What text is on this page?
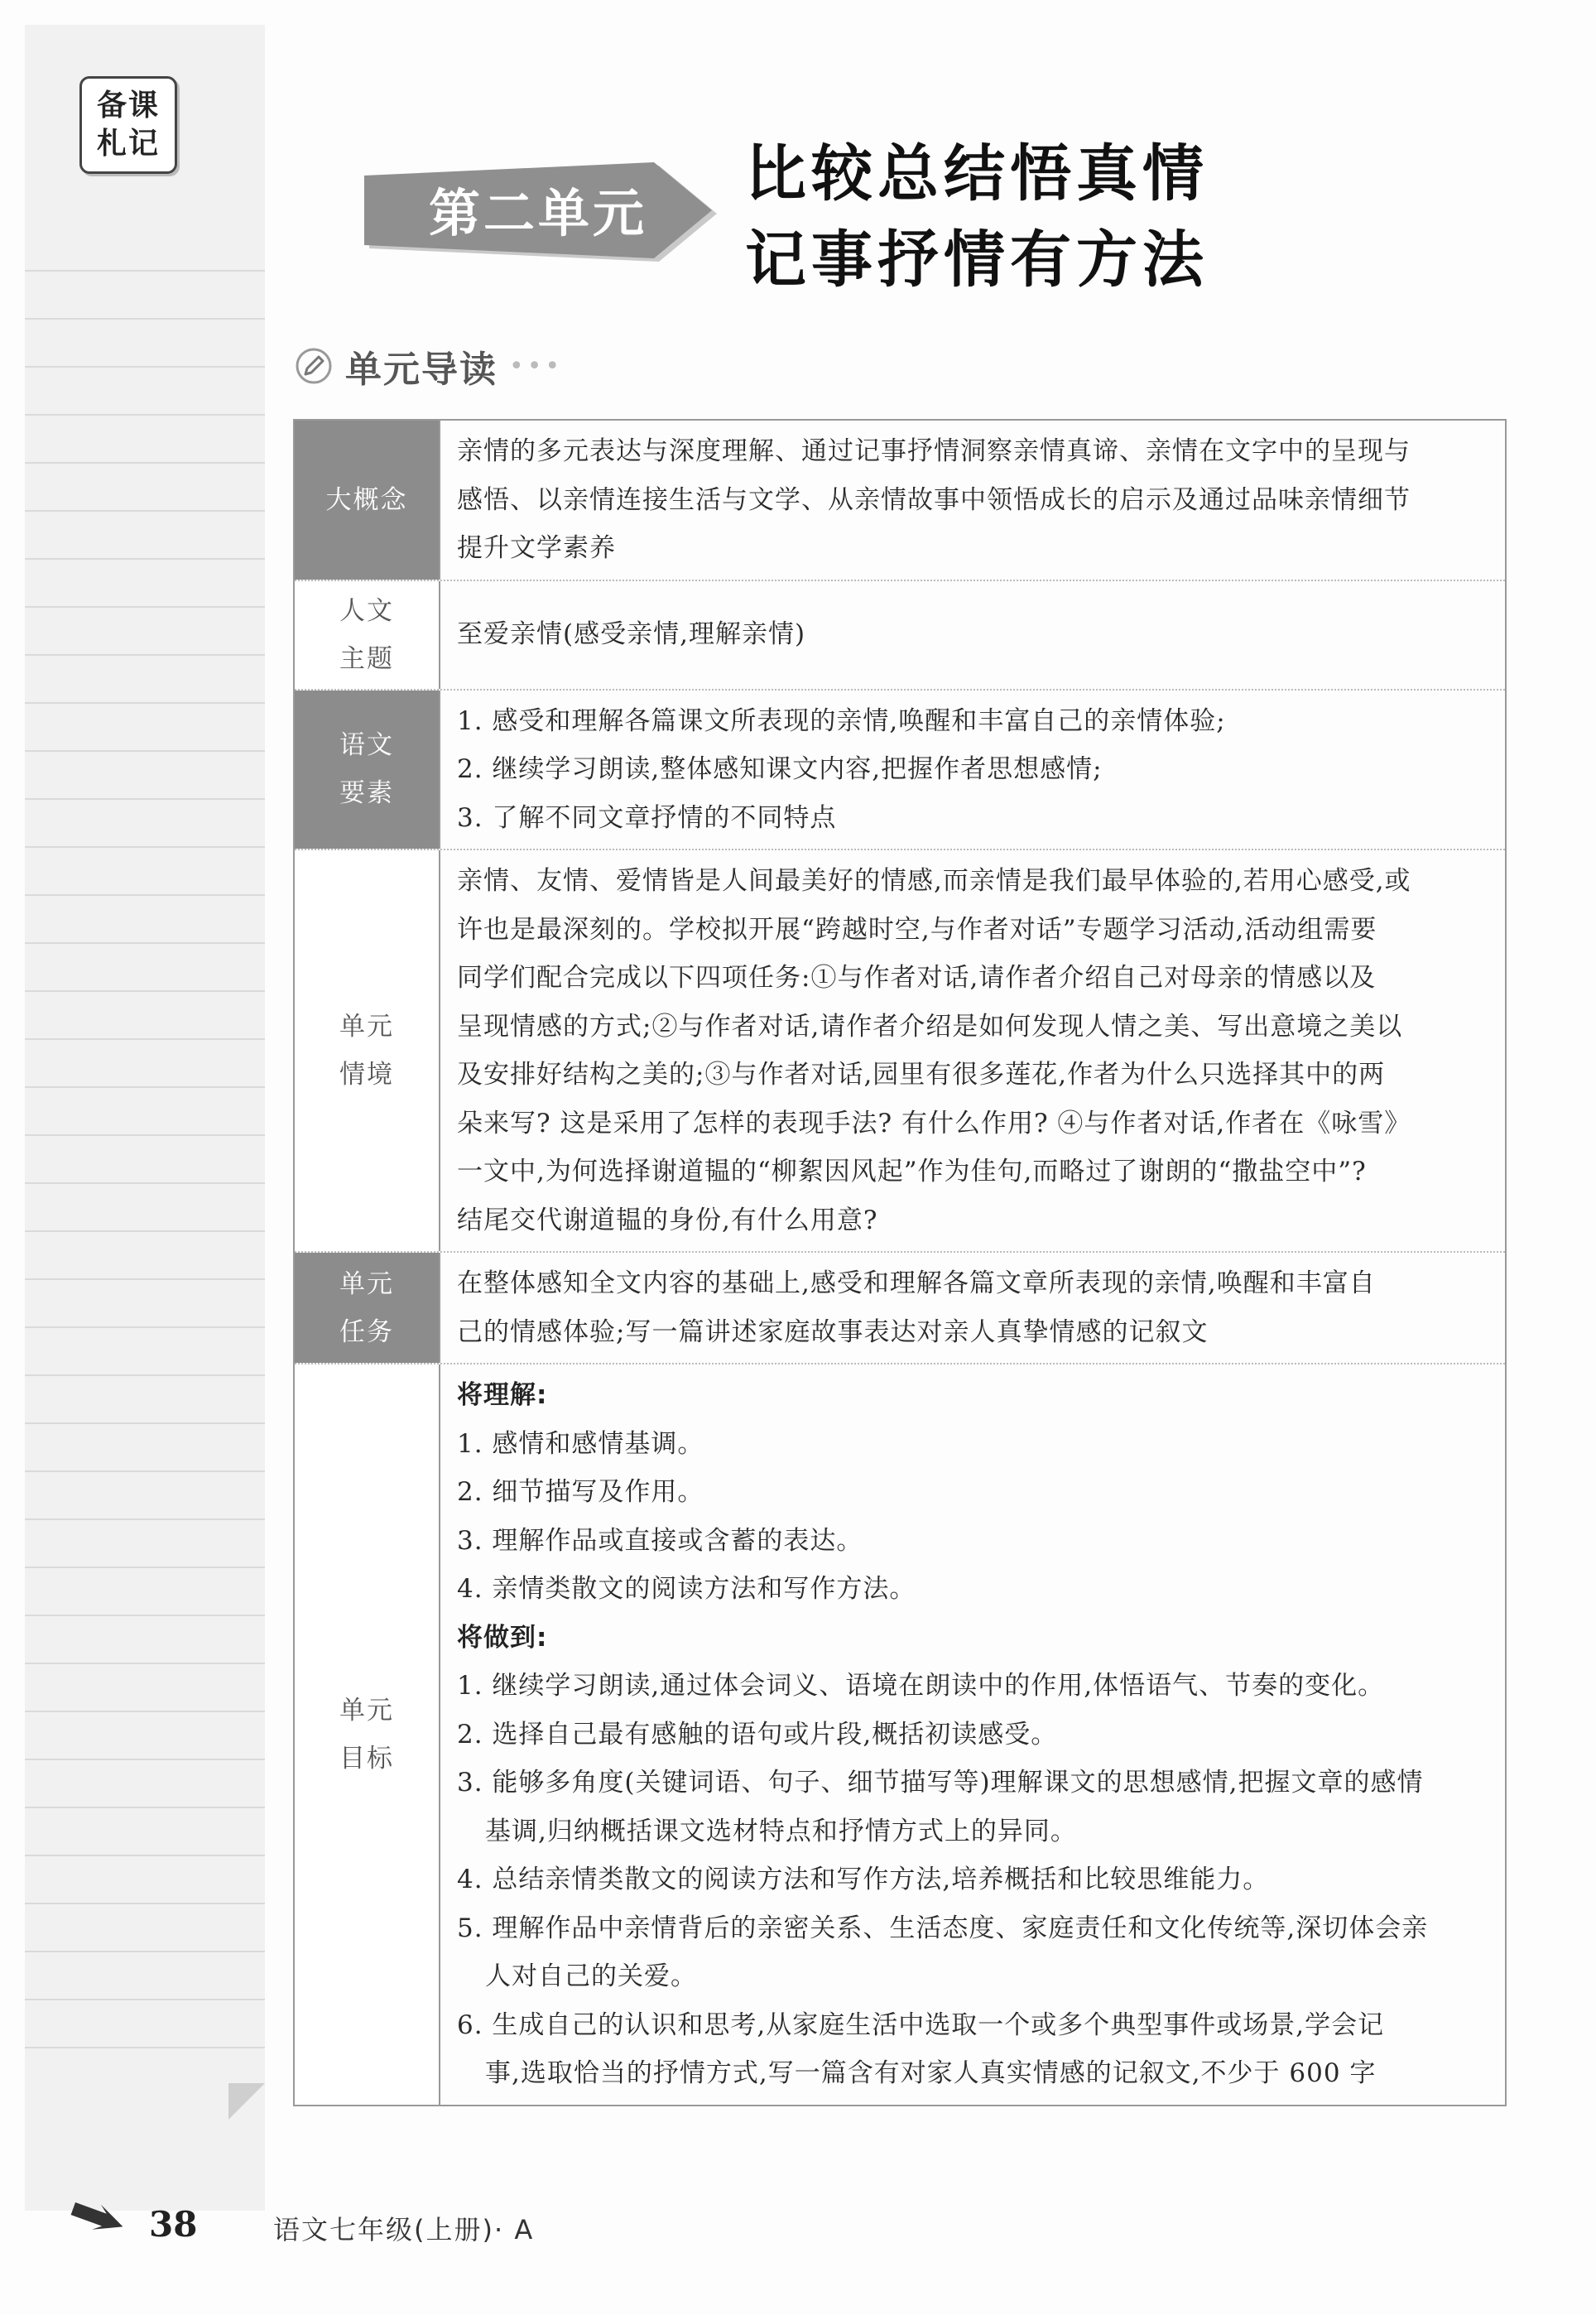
备课
札记
第二单元
比较总结悟真情
记事抒情有方法
单元导读 •••
大概念

亲情的多元表达与深度理解、通过记事抒情洞察亲情真谛、亲情在文字中的呈现与

感悟、以亲情连接生活与文学、从亲情故事中领悟成长的启示及通过品味亲情细节

提升文学素养

人文
主题

至爱亲情(感受亲情,理解亲情)

语文
要素

1. 感受和理解各篇课文所表现的亲情,唤醒和丰富自己的亲情体验;

2. 继续学习朗读,整体感知课文内容,把握作者思想感情;

3. 了解不同文章抒情的不同特点

单元
情境

亲情、友情、爱情皆是人间最美好的情感,而亲情是我们最早体验的,若用心感受,或

许也是最深刻的。学校拟开展“跨越时空,与作者对话”专题学习活动,活动组需要

同学们配合完成以下四项任务:①与作者对话,请作者介绍自己对母亲的情感以及

呈现情感的方式;②与作者对话,请作者介绍是如何发现人情之美、写出意境之美以

及安排好结构之美的;③与作者对话,园里有很多莲花,作者为什么只选择其中的两

朵来写? 这是采用了怎样的表现手法? 有什么作用? ④与作者对话,作者在《咏雪》

一文中,为何选择谢道韫的“柳絮因风起”作为佳句,而略过了谢朗的“撒盐空中”?

结尾交代谢道韫的身份,有什么用意?

单元
任务

在整体感知全文内容的基础上,感受和理解各篇文章所表现的亲情,唤醒和丰富自

己的情感体验;写一篇讲述家庭故事表达对亲人真挚情感的记叙文

单元
目标

将理解:

1. 感情和感情基调。

2. 细节描写及作用。

3. 理解作品或直接或含蓄的表达。

4. 亲情类散文的阅读方法和写作方法。

将做到:

1. 继续学习朗读,通过体会词义、语境在朗读中的作用,体悟语气、节奏的变化。

2. 选择自己最有感触的语句或片段,概括初读感受。

3. 能够多角度(关键词语、句子、细节描写等)理解课文的思想感情,把握文章的感情

基调,归纳概括课文选材特点和抒情方式上的异同。

4. 总结亲情类散文的阅读方法和写作方法,培养概括和比较思维能力。

5. 理解作品中亲情背后的亲密关系、生活态度、家庭责任和文化传统等,深切体会亲

人对自己的关爱。

6. 生成自己的认识和思考,从家庭生活中选取一个或多个典型事件或场景,学会记

事,选取恰当的抒情方式,写一篇含有对家人真实情感的记叙文,不少于 600 字

38	语文七年级(上册)· A
